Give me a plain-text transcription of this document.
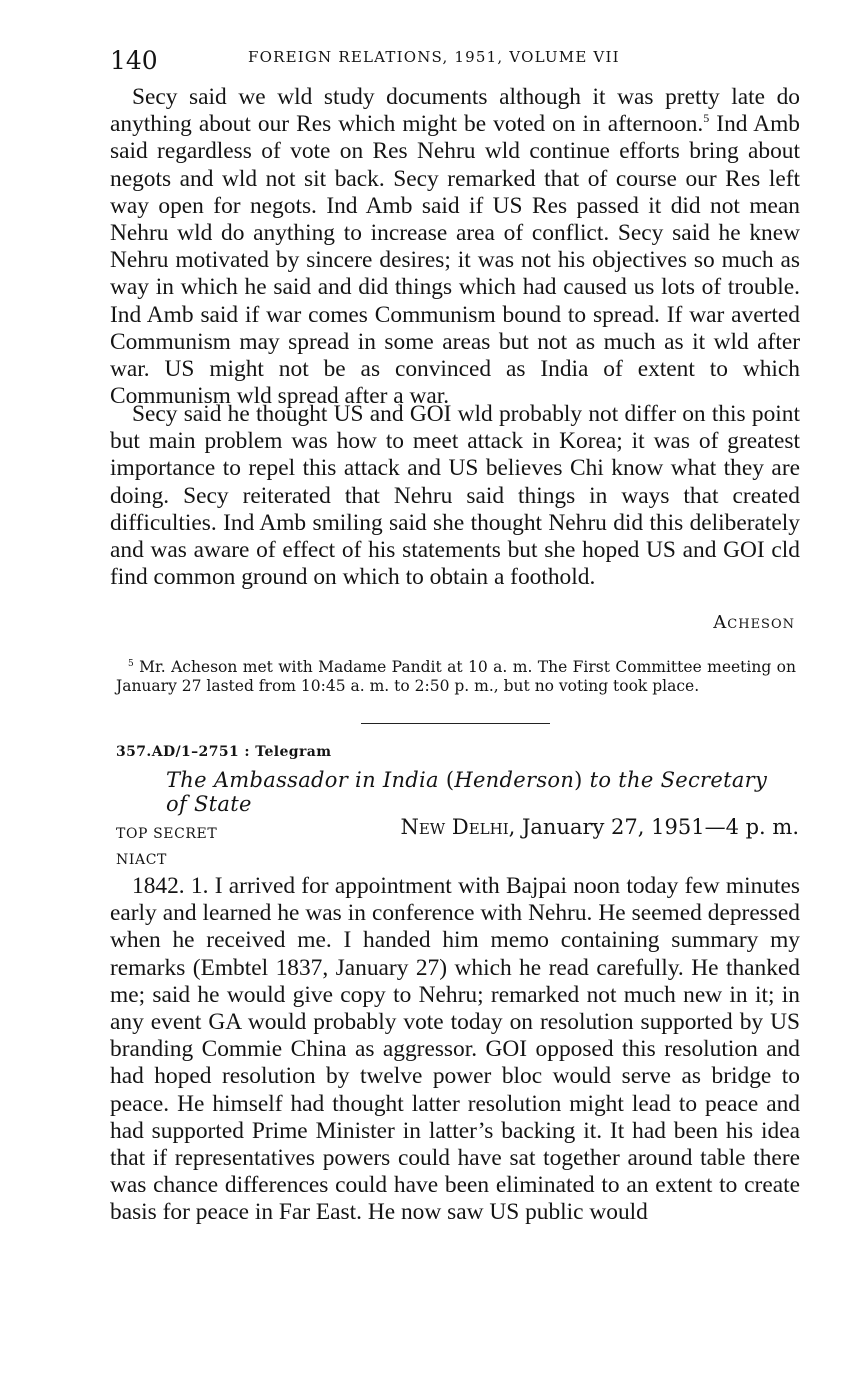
140	FOREIGN RELATIONS, 1951, VOLUME VII

Secy said we wld study documents although it was pretty late do anything about our Res which might be voted on in afternoon.$^5$ Ind Amb said regardless of vote on Res Nehru wld continue efforts bring about negots and wld not sit back. Secy remarked that of course our Res left way open for negots. Ind Amb said if US Res passed it did not mean Nehru wld do anything to increase area of conflict. Secy said he knew Nehru motivated by sincere desires; it was not his objectives so much as way in which he said and did things which had caused us lots of trouble. Ind Amb said if war comes Communism bound to spread. If war averted Communism may spread in some areas but not as much as it wld after war. US might not be as convinced as India of extent to which Communism wld spread after a war.

Secy said he thought US and GOI wld probably not differ on this point but main problem was how to meet attack in Korea; it was of greatest importance to repel this attack and US believes Chi know what they are doing. Secy reiterated that Nehru said things in ways that created difficulties. Ind Amb smiling said she thought Nehru did this deliberately and was aware of effect of his statements but she hoped US and GOI cld find common ground on which to obtain a foothold.

Acheson
$^5$ Mr. Acheson met with Madame Pandit at 10 a. m. The First Committee meeting on January 27 lasted from 10:45 a. m. to 2:50 p. m., but no voting took place.
357.AD/1–2751 : Telegram
The Ambassador in India (Henderson) to the Secretary of State
TOP SECRET	New Delhi, January 27, 1951—4 p. m.
NIACT

1842. 1. I arrived for appointment with Bajpai noon today few minutes early and learned he was in conference with Nehru. He seemed depressed when he received me. I handed him memo containing summary my remarks (Embtel 1837, January 27) which he read carefully. He thanked me; said he would give copy to Nehru; remarked not much new in it; in any event GA would probably vote today on resolution supported by US branding Commie China as aggressor. GOI opposed this resolution and had hoped resolution by twelve power bloc would serve as bridge to peace. He himself had thought latter resolution might lead to peace and had supported Prime Minister in latter’s backing it. It had been his idea that if representatives powers could have sat together around table there was chance differences could have been eliminated to an extent to create basis for peace in Far East. He now saw US public would
